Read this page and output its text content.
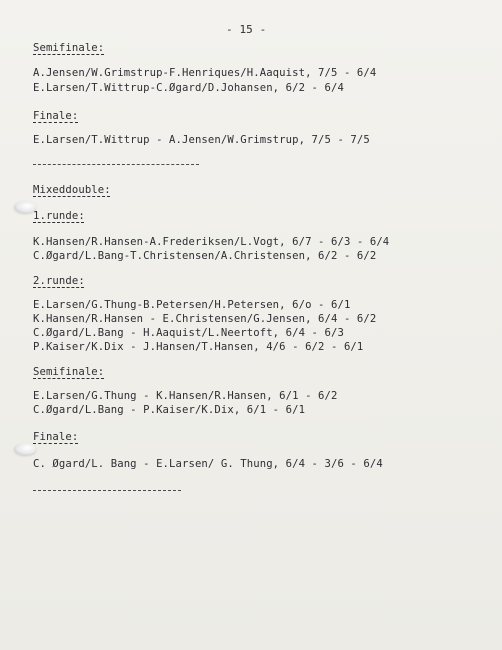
- 15 -
Semifinale:
A.Jensen/W.Grimstrup-F.Henriques/H.Aaquist, 7/5 - 6/4
E.Larsen/T.Wittrup-C.Øgard/D.Johansen, 6/2 - 6/4
Finale:
E.Larsen/T.Wittrup - A.Jensen/W.Grimstrup, 7/5 - 7/5
Mixeddouble:
1.runde:
K.Hansen/R.Hansen-A.Frederiksen/L.Vogt, 6/7 - 6/3 - 6/4
C.Øgard/L.Bang-T.Christensen/A.Christensen, 6/2 - 6/2
2.runde:
E.Larsen/G.Thung-B.Petersen/H.Petersen, 6/o - 6/1
K.Hansen/R.Hansen - E.Christensen/G.Jensen, 6/4 - 6/2
C.Øgard/L.Bang - H.Aaquist/L.Neertoft, 6/4 - 6/3
P.Kaiser/K.Dix - J.Hansen/T.Hansen, 4/6 - 6/2 - 6/1
Semifinale:
E.Larsen/G.Thung - K.Hansen/R.Hansen, 6/1 - 6/2
C.Øgard/L.Bang - P.Kaiser/K.Dix, 6/1 - 6/1
Finale:
C. Øgard/L. Bang - E.Larsen/ G. Thung, 6/4 - 3/6 - 6/4
